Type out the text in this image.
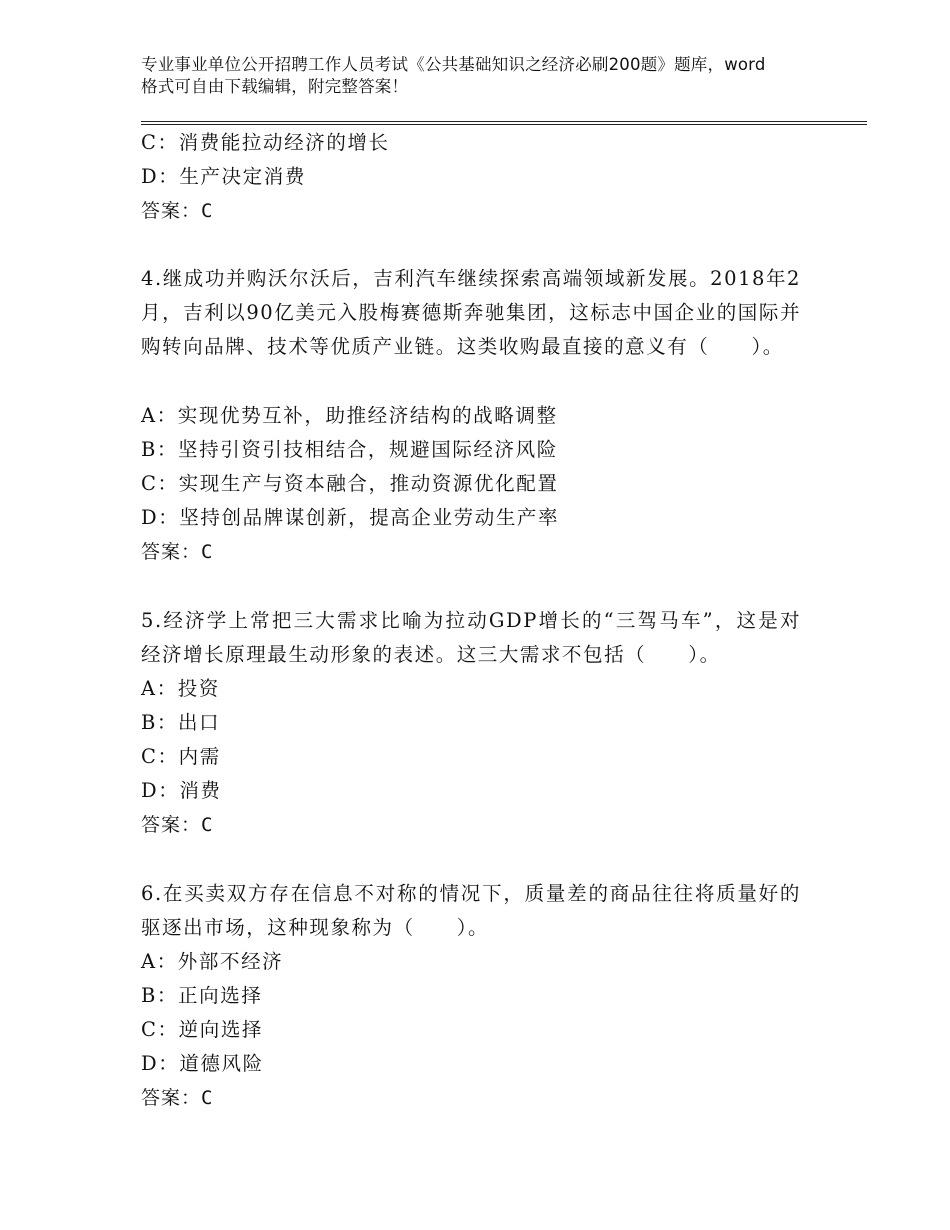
专业事业单位公开招聘工作人员考试《公共基础知识之经济必刷200题》题库，word格式可自由下载编辑，附完整答案！
C：消费能拉动经济的增长
D：生产决定消费
答案：C
4.继成功并购沃尔沃后，吉利汽车继续探索高端领域新发展。2018年2月，吉利以90亿美元入股梅赛德斯奔驰集团，这标志中国企业的国际并购转向品牌、技术等优质产业链。这类收购最直接的意义有（　　）。
A：实现优势互补，助推经济结构的战略调整
B：坚持引资引技相结合，规避国际经济风险
C：实现生产与资本融合，推动资源优化配置
D：坚持创品牌谋创新，提高企业劳动生产率
答案：C
5.经济学上常把三大需求比喻为拉动GDP增长的“三驾马车”，这是对经济增长原理最生动形象的表述。这三大需求不包括（　　）。
A：投资
B：出口
C：内需
D：消费
答案：C
6.在买卖双方存在信息不对称的情况下，质量差的商品往往将质量好的驱逐出市场，这种现象称为（　　）。
A：外部不经济
B：正向选择
C：逆向选择
D：道德风险
答案：C
